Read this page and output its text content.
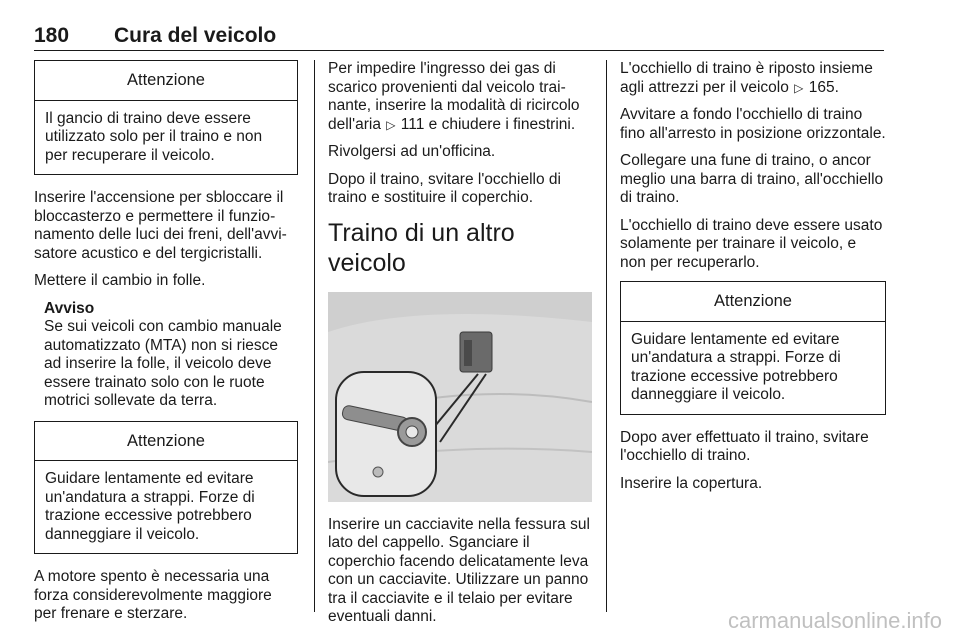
180 Cura del veicolo
Attenzione
Il gancio di traino deve essere utilizzato solo per il traino e non per recuperare il veicolo.

Inserire l'accensione per sbloccare il bloccasterzo e permettere il funzionamento delle luci dei freni, dell'avvisatore acustico e del tergicristalli.

Mettere il cambio in folle.

Avviso
Se sui veicoli con cambio manuale automatizzato (MTA) non si riesce ad inserire la folle, il veicolo deve essere trainato solo con le ruote motrici sollevate da terra.
Attenzione
Guidare lentamente ed evitare un'andatura a strappi. Forze di trazione eccessive potrebbero danneggiare il veicolo.

A motore spento è necessaria una forza considerevolmente maggiore per frenare e sterzare.

Per impedire l'ingresso dei gas di scarico provenienti dal veicolo trainante, inserire la modalità di ricircolo dell'aria ▷ 111 e chiudere i finestrini.

Rivolgersi ad un'officina.

Dopo il traino, svitare l'occhiello di traino e sostituire il coperchio.

Traino di un altro veicolo

Inserire un cacciavite nella fessura sul lato del cappello. Sganciare il coperchio facendo delicatamente leva con un cacciavite. Utilizzare un panno tra il cacciavite e il telaio per evitare eventuali danni.

L'occhiello di traino è riposto insieme agli attrezzi per il veicolo ▷ 165.

Avvitare a fondo l'occhiello di traino fino all'arresto in posizione orizzontale.

Collegare una fune di traino, o ancor meglio una barra di traino, all'occhiello di traino.

L'occhiello di traino deve essere usato solamente per trainare il veicolo, e non per recuperarlo.

Attenzione
Guidare lentamente ed evitare un'andatura a strappi. Forze di trazione eccessive potrebbero danneggiare il veicolo.

Dopo aver effettuato il traino, svitare l'occhiello di traino.

Inserire la copertura.

carmanualsonline.info
